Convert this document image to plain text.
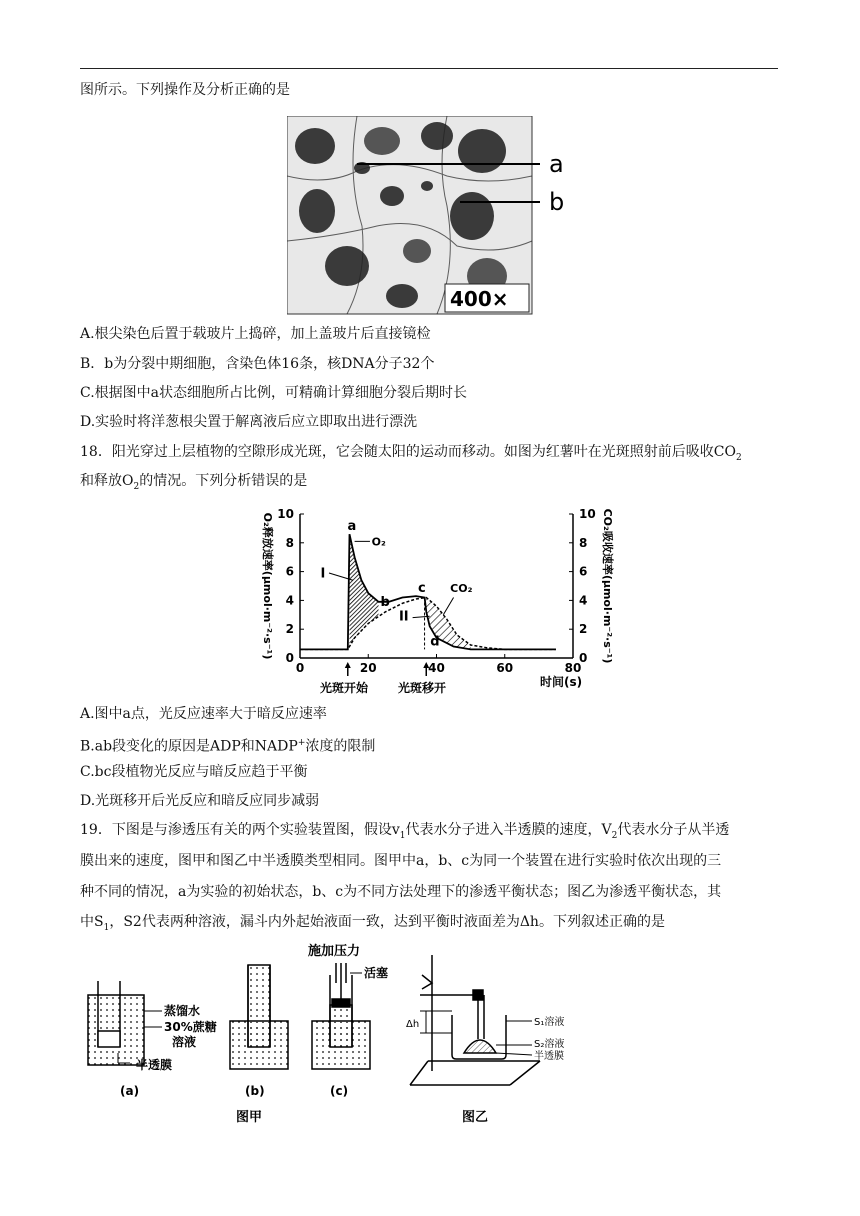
图所示。下列操作及分析正确的是
400×
a
b
A.根尖染色后置于载玻片上捣碎，加上盖玻片后直接镜检
B．b为分裂中期细胞，含染色体16条，核DNA分子32个
C.根据图中a状态细胞所占比例，可精确计算细胞分裂后期时长
D.实验时将洋葱根尖置于解离液后应立即取出进行漂洗
18．阳光穿过上层植物的空隙形成光斑，它会随太阳的运动而移动。如图为红薯叶在光斑照射前后吸收$CO_2$
和释放$O_2$的情况。下列分析错误的是
a
b
c
d
I
II
O₂
CO₂
0	20	40	60	80
0
2
4
6
8
10
0
2
4
6
8
10
O₂释放速率(μmol·m⁻²·s⁻¹)	CO₂吸收速率(μmol·m⁻²·s⁻¹)
时间(s)
光斑开始 光斑移开
A.图中a点，光反应速率大于暗反应速率
B.ab段变化的原因是ADP和NADP+浓度的限制
C.bc段植物光反应与暗反应趋于平衡
D.光斑移开后光反应和暗反应同步减弱
19．下图是与渗透压有关的两个实验装置图，假设$v_1$代表水分子进入半透膜的速度，$V_2$代表水分子从半透
膜出来的速度，图甲和图乙中半透膜类型相同。图甲中a，b、c为同一个装置在进行实验时依次出现的三
种不同的情况，a为实验的初始状态，b、c为不同方法处理下的渗透平衡状态；图乙为渗透平衡状态，其
中$S_1$，S2代表两种溶液，漏斗内外起始液面一致，达到平衡时液面差为Δh。下列叙述正确的是
蒸馏水
30%蔗糖
溶液
半透膜
(a)	(b)
施加压力
活塞
(c)
图甲
Δh	S₁溶液
S₂溶液
半透膜
图乙
